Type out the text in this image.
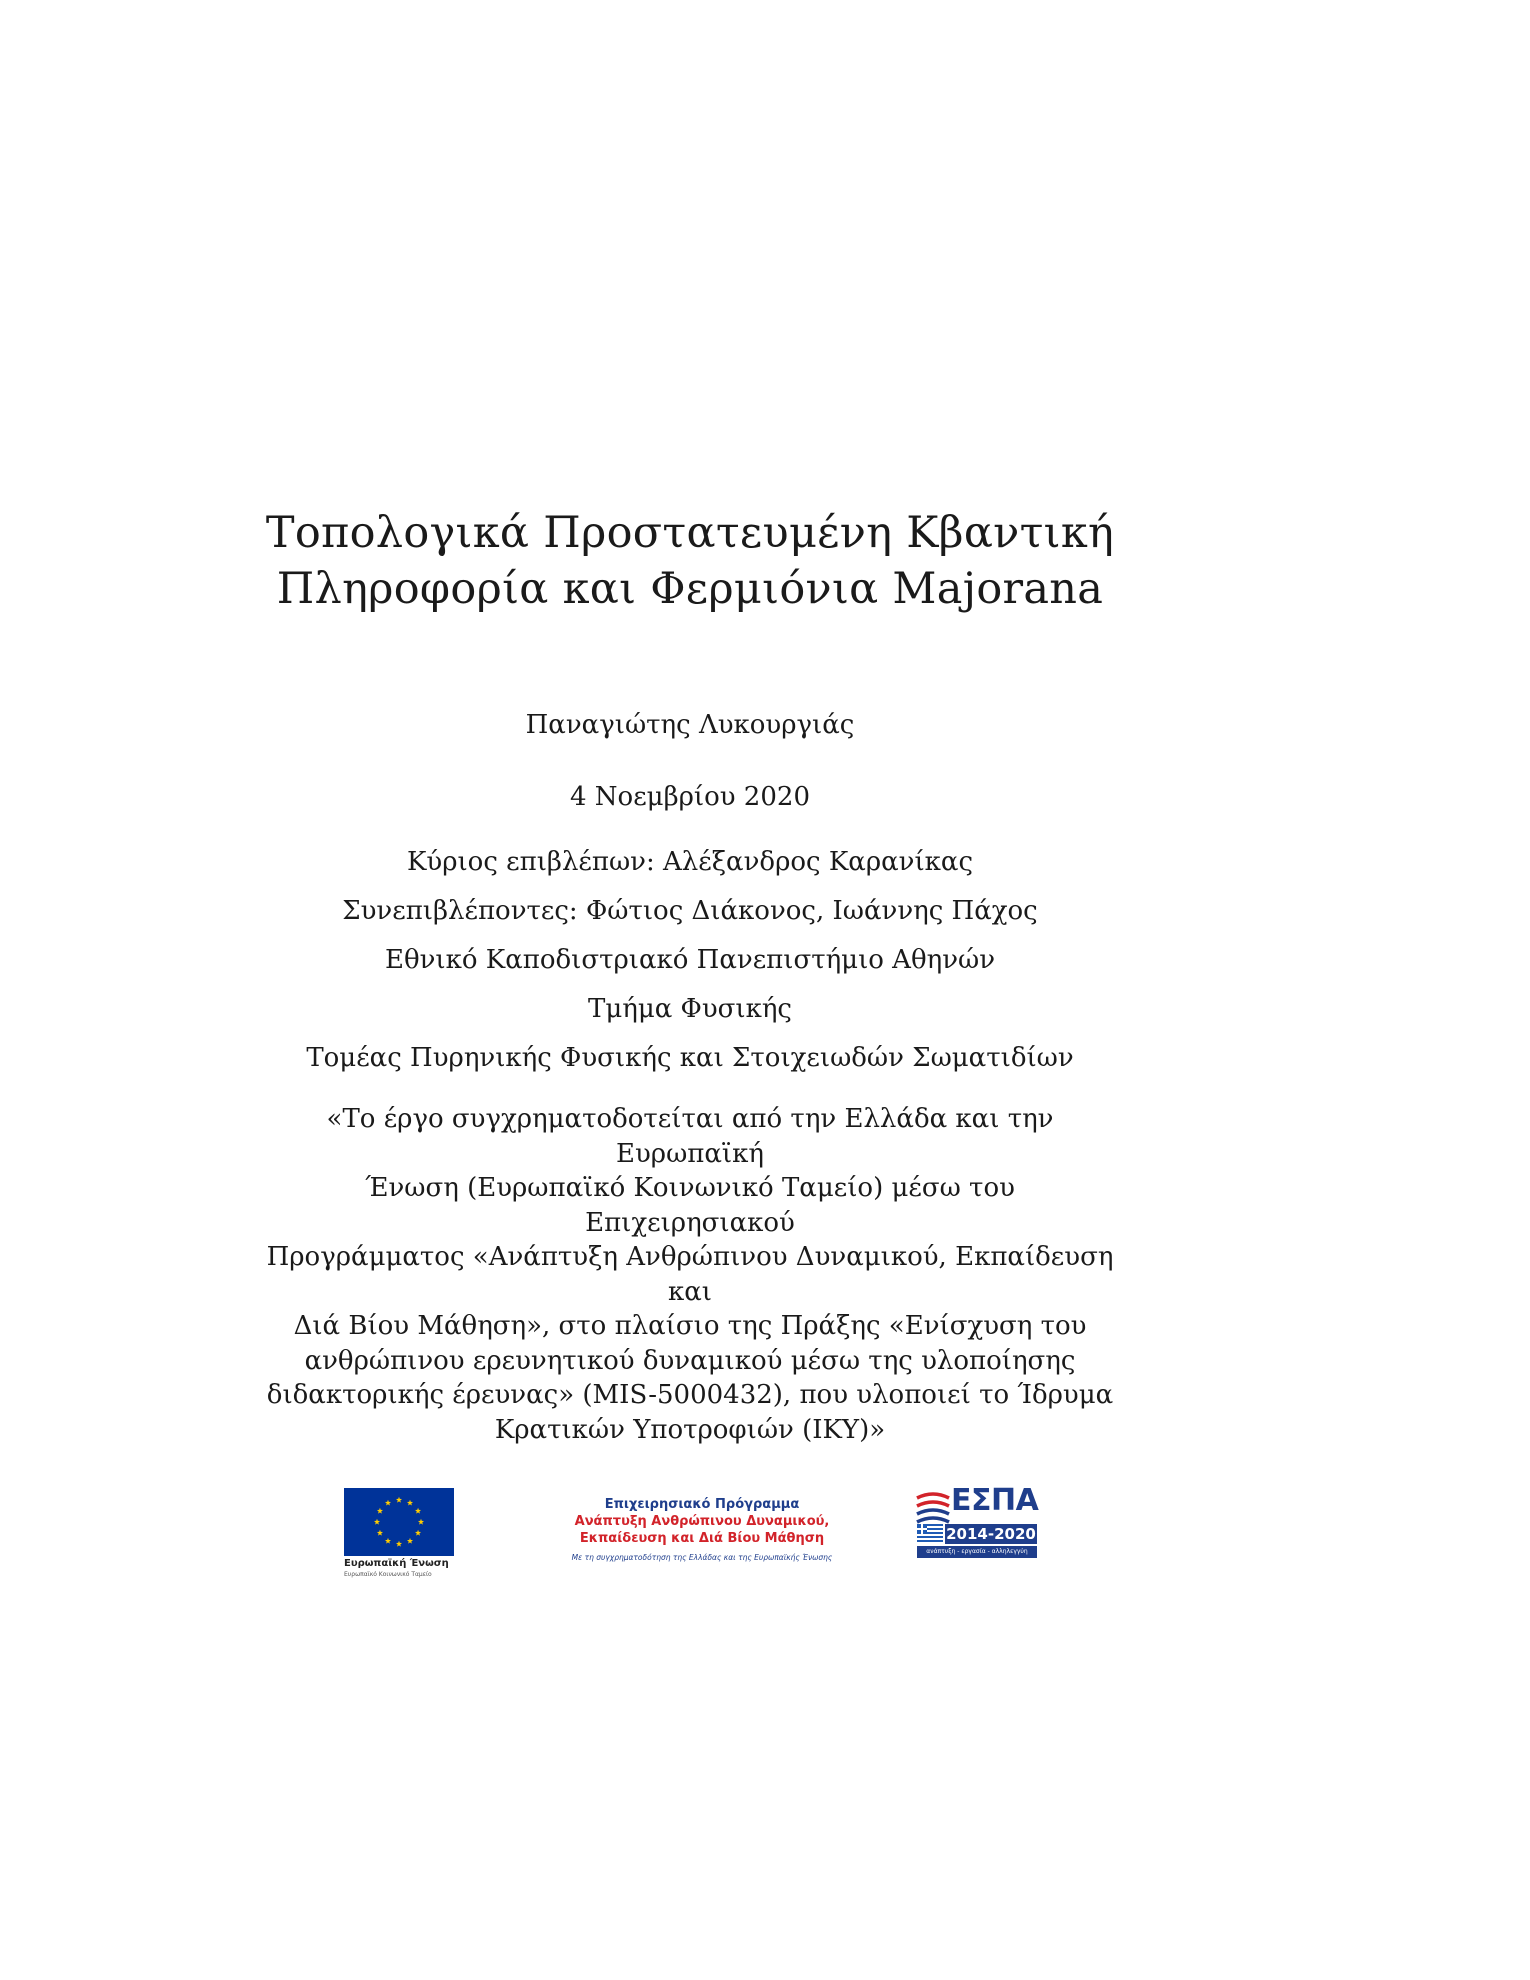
Τοπολογικά Προστατευμένη Κβαντική
Πληροφορία και Φερμιόνια Majorana

Παναγιώτης Λυκουργιάς

4 Νοεμβρίου 2020

Κύριος επιβλέπων: Αλέξανδρος Καρανίκας

Συνεπιβλέποντες: Φώτιος Διάκονος, Ιωάννης Πάχος

Εθνικό Καποδιστριακό Πανεπιστήμιο Αθηνών

Τμήμα Φυσικής

Τομέας Πυρηνικής Φυσικής και Στοιχειωδών Σωματιδίων

«Το έργο συγχρηματοδοτείται από την Ελλάδα και την Ευρωπαϊκή
Ένωση (Ευρωπαϊκό Κοινωνικό Ταμείο) μέσω του Επιχειρησιακού
Προγράμματος «Ανάπτυξη Ανθρώπινου Δυναμικού, Εκπαίδευση και
Διά Βίου Μάθηση», στο πλαίσιο της Πράξης «Ενίσχυση του
ανθρώπινου ερευνητικού δυναμικού μέσω της υλοποίησης
διδακτορικής έρευνας» (MIS-5000432), που υλοποιεί το Ίδρυμα
Κρατικών Υποτροφιών (ΙΚΥ)»
Ευρωπαϊκή Ένωση
Ευρωπαϊκό Κοινωνικό Ταμείο
Επιχειρησιακό Πρόγραμμα
Ανάπτυξη Ανθρώπινου Δυναμικού,
Εκπαίδευση και Διά Βίου Μάθηση
Με τη συγχρηματοδότηση της Ελλάδας και της Ευρωπαϊκής Ένωσης
ΕΣΠΑ
2014-2020
ανάπτυξη - εργασία - αλληλεγγύη
